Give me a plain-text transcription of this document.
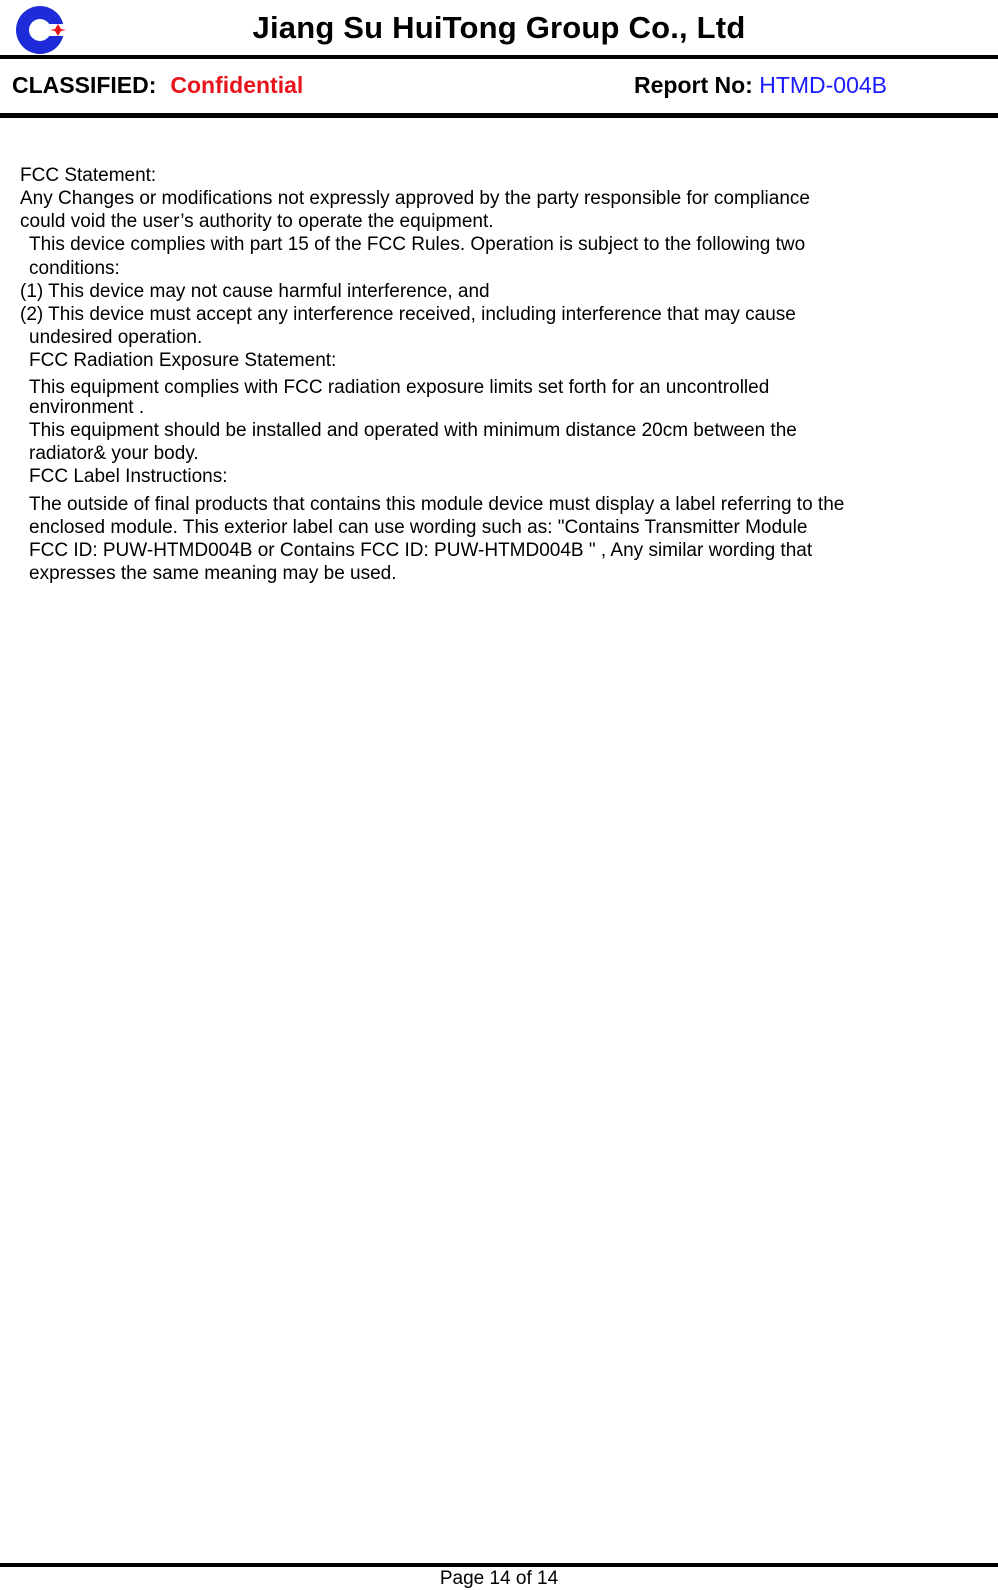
Jiang Su HuiTong Group Co., Ltd
CLASSIFIED: Confidential	Report No: HTMD-004B
FCC Statement:
Any Changes or modifications not expressly approved by the party responsible for compliance
could void the user’s authority to operate the equipment.
This device complies with part 15 of the FCC Rules. Operation is subject to the following two
conditions:
(1) This device may not cause harmful interference, and
(2) This device must accept any interference received, including interference that may cause
undesired operation.
FCC Radiation Exposure Statement:
This equipment complies with FCC radiation exposure limits set forth for an uncontrolled
environment .
This equipment should be installed and operated with minimum distance 20cm between the
radiator& your body.
FCC Label Instructions:
The outside of final products that contains this module device must display a label referring to the
enclosed module. This exterior label can use wording such as: "Contains Transmitter Module
FCC ID: PUW-HTMD004B or Contains FCC ID: PUW-HTMD004B " , Any similar wording that
expresses the same meaning may be used.
Page 14 of 14
